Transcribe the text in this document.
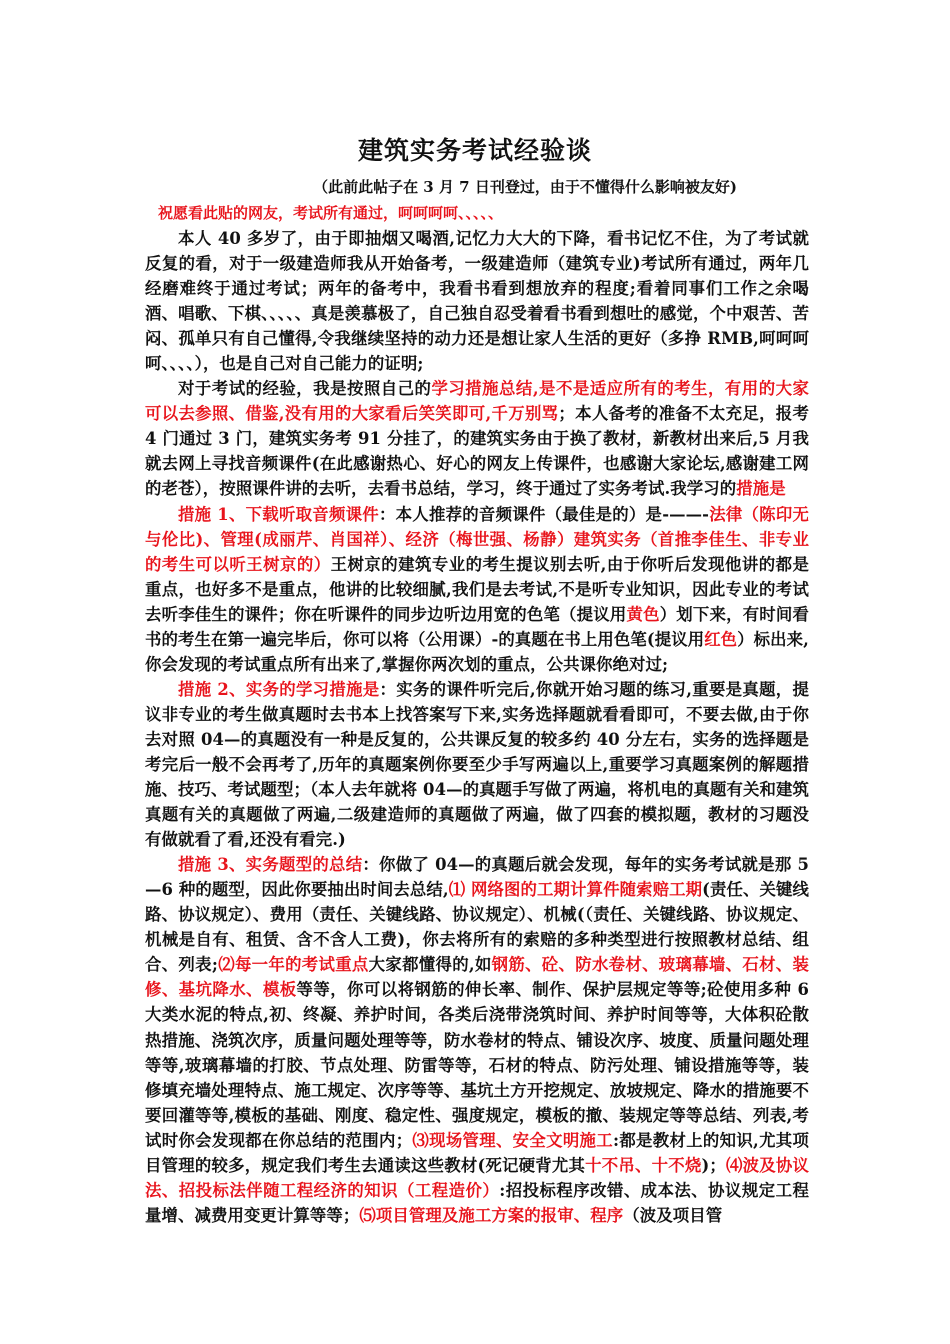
建筑实务考试经验谈
（此前此帖子在 3 月 7 日刊登过，由于不懂得什么影响被友好)
祝愿看此贴的网友，考试所有通过，呵呵呵呵、、、、、

本人 40 多岁了，由于即抽烟又喝酒,记忆力大大的下降，看书记忆不住，为了考试就反复的看，对于一级建造师我从开始备考，一级建造师（建筑专业)考试所有通过，两年几经磨难终于通过考试；两年的备考中，我看书看到想放弃的程度;看着同事们工作之余喝酒、唱歌、下棋、、、、、真是羡慕极了，自己独自忍受着看书看到想吐的感觉，个中艰苦、苦闷、孤单只有自己懂得,令我继续坚持的动力还是想让家人生活的更好（多挣 RMB,呵呵呵呵、、、、），也是自己对自己能力的证明;

对于考试的经验，我是按照自己的学习措施总结,是不是适应所有的考生，有用的大家可以去参照、借鉴,没有用的大家看后笑笑即可,千万别骂；本人备考的准备不太充足，报考 4 门通过 3 门，建筑实务考 91 分挂了，的建筑实务由于换了教材，新教材出来后,5 月我就去网上寻找音频课件(在此感谢热心、好心的网友上传课件，也感谢大家论坛,感谢建工网的老苍），按照课件讲的去听，去看书总结，学习，终于通过了实务考试.我学习的措施是

措施 1、下载听取音频课件：本人推荐的音频课件（最佳是的）是-——-法律（陈印无与伦比)、管理(成丽芹、肖国祥）、经济（梅世强、杨静）建筑实务（首推李佳生、非专业的考生可以听王树京的）王树京的建筑专业的考生提议别去听,由于你听后发现他讲的都是重点，也好多不是重点，他讲的比较细腻,我们是去考试,不是听专业知识，因此专业的考试去听李佳生的课件；你在听课件的同步边听边用宽的色笔（提议用黄色）划下来，有时间看书的考生在第一遍完毕后，你可以将（公用课）-的真题在书上用色笔(提议用红色）标出来,你会发现的考试重点所有出来了,掌握你两次划的重点，公共课你绝对过;

措施 2、实务的学习措施是：实务的课件听完后,你就开始习题的练习,重要是真题，提议非专业的考生做真题时去书本上找答案写下来,实务选择题就看看即可，不要去做,由于你去对照 04—的真题没有一种是反复的，公共课反复的较多约 40 分左右，实务的选择题是考完后一般不会再考了,历年的真题案例你要至少手写两遍以上,重要学习真题案例的解题措施、技巧、考试题型；（本人去年就将 04—的真题手写做了两遍，将机电的真题有关和建筑真题有关的真题做了两遍,二级建造师的真题做了两遍，做了四套的模拟题，教材的习题没有做就看了看,还没有看完.)

措施 3、实务题型的总结：你做了 04—的真题后就会发现，每年的实务考试就是那 5—6 种的题型，因此你要抽出时间去总结,⑴ 网络图的工期计算件随索赔工期(责任、关键线路、协议规定）、费用（责任、关键线路、协议规定）、机械(（责任、关键线路、协议规定、机械是自有、租赁、含不含人工费)，你去将所有的索赔的多种类型进行按照教材总结、组合、列表;⑵每一年的考试重点大家都懂得的,如钢筋、砼、防水卷材、玻璃幕墙、石材、装修、基坑降水、模板等等，你可以将钢筋的伸长率、制作、保护层规定等等;砼使用多种 6 大类水泥的特点,初、终凝、养护时间，各类后浇带浇筑时间、养护时间等等，大体积砼散热措施、浇筑次序，质量问题处理等等，防水卷材的特点、铺设次序、坡度、质量问题处理等等,玻璃幕墙的打胶、节点处理、防雷等等，石材的特点、防污处理、铺设措施等等，装修填充墙处理特点、施工规定、次序等等、基坑土方开挖规定、放坡规定、降水的措施要不要回灌等等,模板的基础、刚度、稳定性、强度规定，模板的撤、装规定等等总结、列表,考试时你会发现都在你总结的范围内；⑶现场管理、安全文明施工:都是教材上的知识,尤其项目管理的较多，规定我们考生去通读这些教材(死记硬背尤其十不吊、十不烧)；⑷波及协议法、招投标法伴随工程经济的知识（工程造价）:招投标程序改错、成本法、协议规定工程量增、减费用变更计算等等；⑸项目管理及施工方案的报审、程序（波及项目管
